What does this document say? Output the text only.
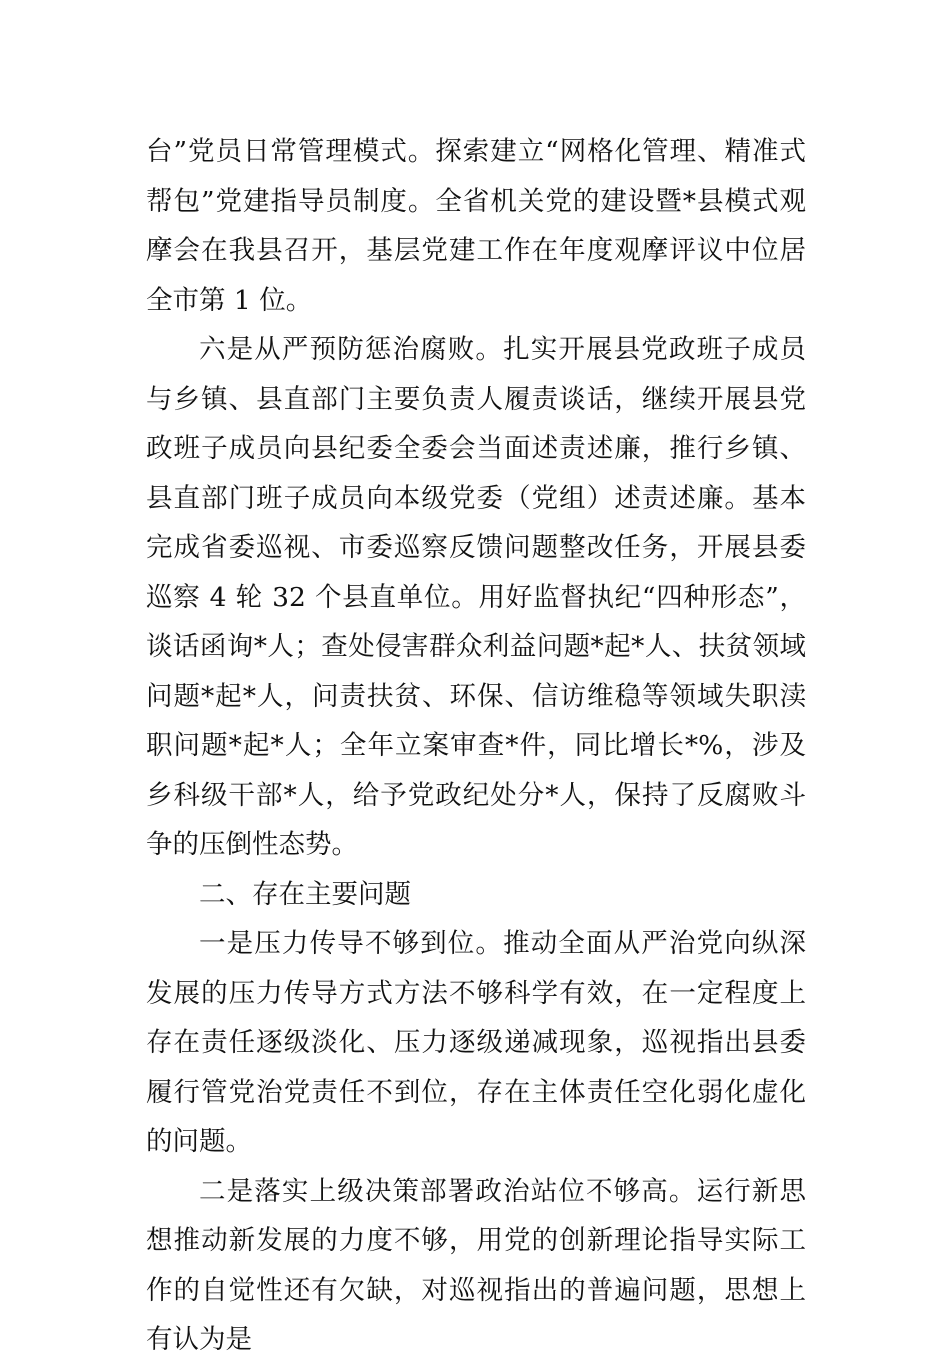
台”党员日常管理模式。探索建立“网格化管理、精准式帮包”党建指导员制度。全省机关党的建设暨*县模式观摩会在我县召开，基层党建工作在年度观摩评议中位居全市第 1 位。

六是从严预防惩治腐败。扎实开展县党政班子成员与乡镇、县直部门主要负责人履责谈话，继续开展县党政班子成员向县纪委全委会当面述责述廉，推行乡镇、县直部门班子成员向本级党委（党组）述责述廉。基本完成省委巡视、市委巡察反馈问题整改任务，开展县委巡察 4 轮 32 个县直单位。用好监督执纪“四种形态”，谈话函询*人；查处侵害群众利益问题*起*人、扶贫领域问题*起*人，问责扶贫、环保、信访维稳等领域失职渎职问题*起*人；全年立案审查*件，同比增长*%，涉及乡科级干部*人，给予党政纪处分*人，保持了反腐败斗争的压倒性态势。

二、存在主要问题

一是压力传导不够到位。推动全面从严治党向纵深发展的压力传导方式方法不够科学有效，在一定程度上存在责任逐级淡化、压力逐级递减现象，巡视指出县委履行管党治党责任不到位，存在主体责任空化弱化虚化的问题。

二是落实上级决策部署政治站位不够高。运行新思想推动新发展的力度不够，用党的创新理论指导实际工作的自觉性还有欠缺，对巡视指出的普遍问题，思想上有认为是
